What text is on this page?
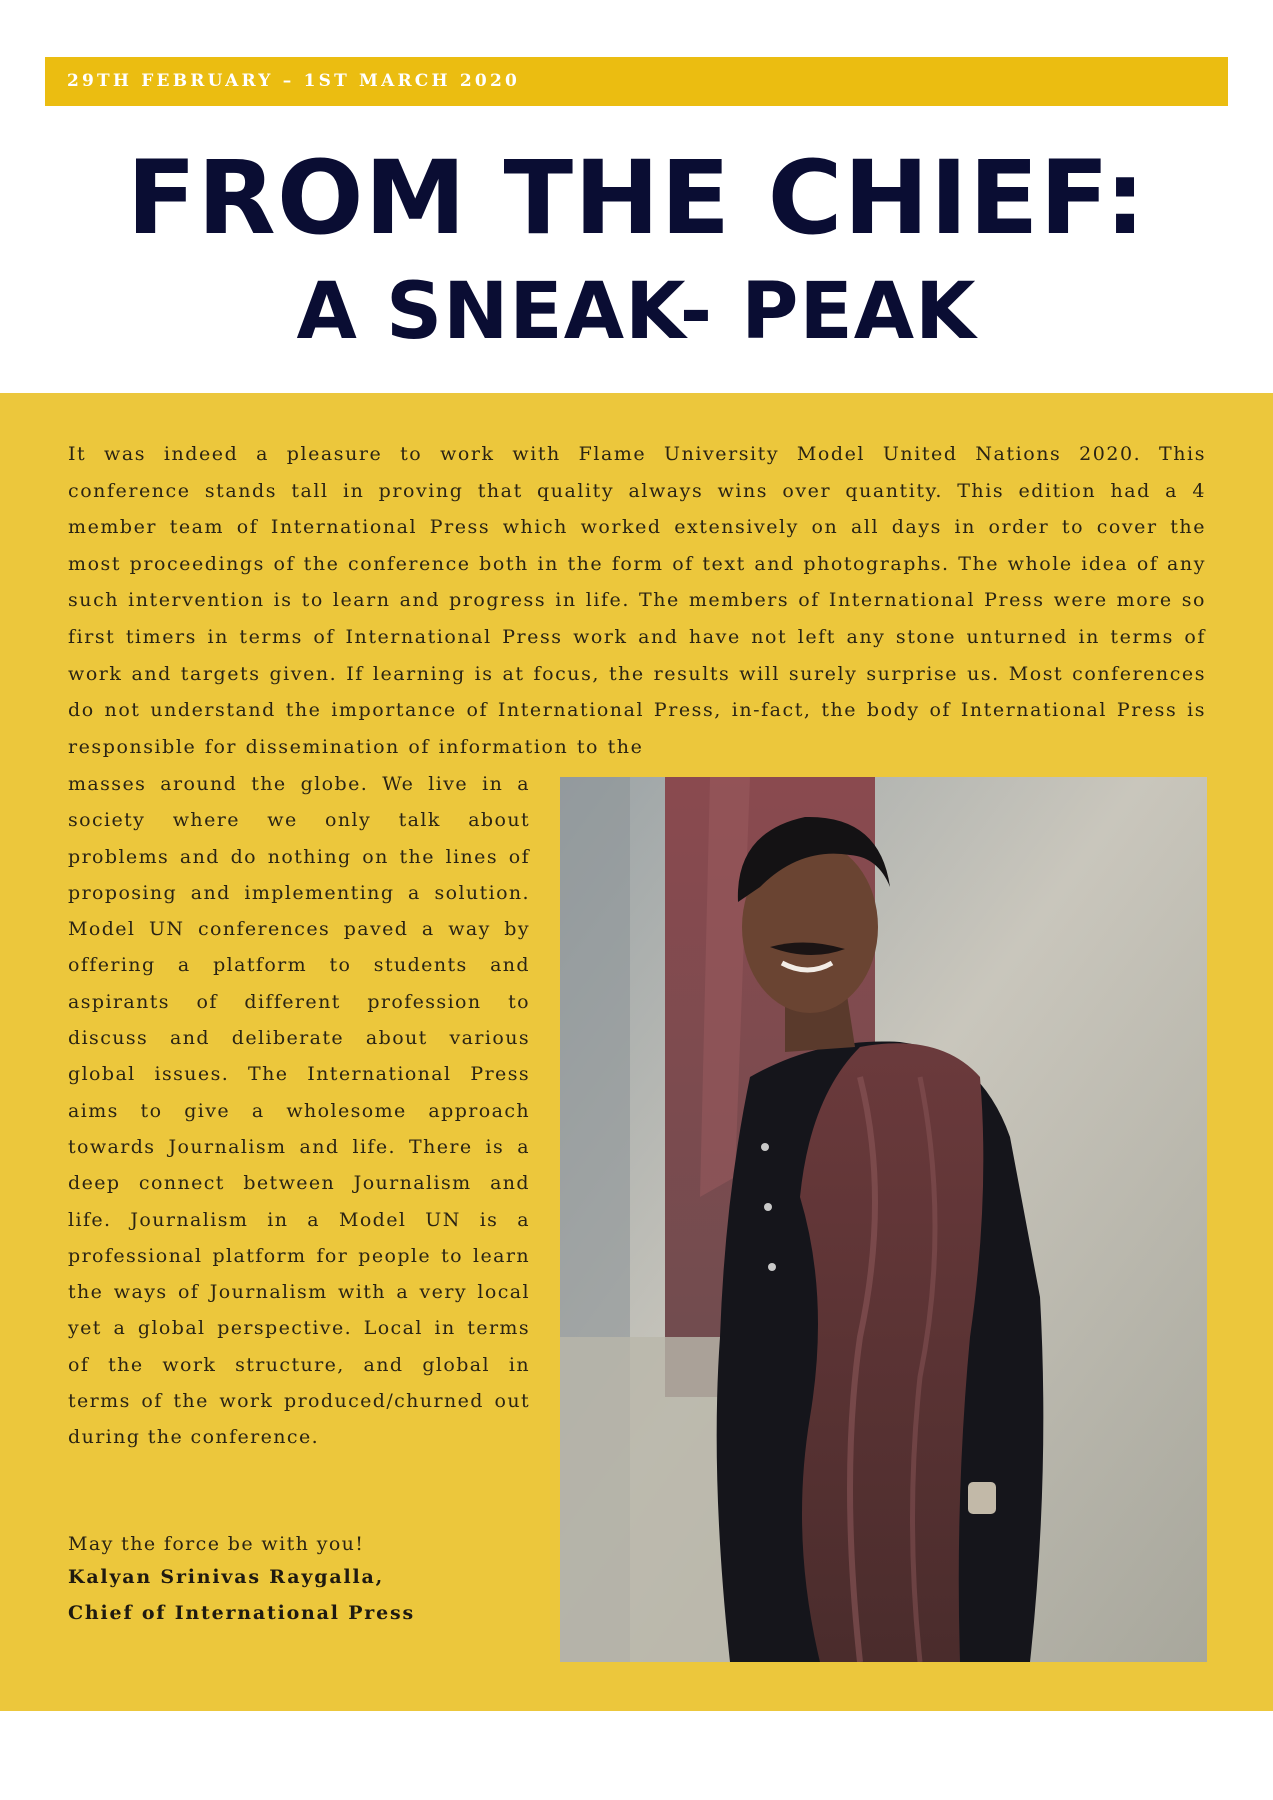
29TH FEBRUARY – 1ST MARCH 2020
FROM THE CHIEF:
A SNEAK- PEAK

It was indeed a pleasure to work with Flame University Model United Nations 2020. This conference stands tall in proving that quality always wins over quantity. This edition had a 4 member team of International Press which worked extensively on all days in order to cover the most proceedings of the conference both in the form of text and photographs. The whole idea of any such intervention is to learn and progress in life. The members of International Press were more so first timers in terms of International Press work and have not left any stone unturned in terms of work and targets given. If learning is at focus, the results will surely surprise us. Most conferences do not understand the importance of International Press, in-fact, the body of International Press is responsible for dissemination of information to the

masses around the globe. We live in a society where we only talk about problems and do nothing on the lines of proposing and implementing a solution. Model UN conferences paved a way by offering a platform to students and aspirants of different profession to discuss and deliberate about various global issues. The International Press aims to give a wholesome approach towards Journalism and life. There is a deep connect between Journalism and life. Journalism in a Model UN is a professional platform for people to learn the ways of Journalism with a very local yet a global perspective. Local in terms of the work structure, and global in terms of the work produced/churned out during the conference.

May the force be with you!

Kalyan Srinivas Raygalla,
Chief of International Press
